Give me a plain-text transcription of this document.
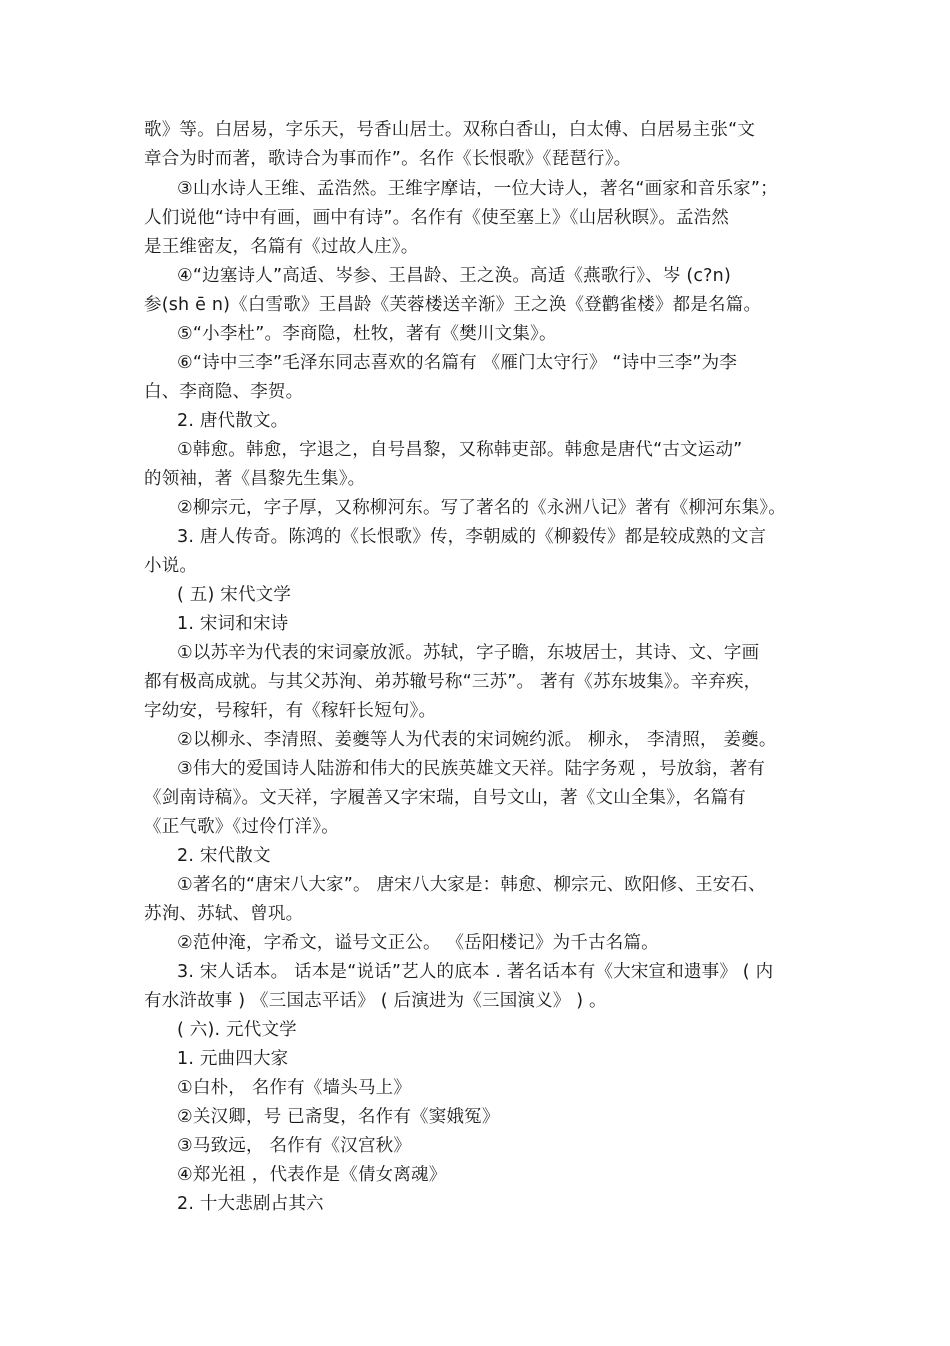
歌》等。白居易，字乐天，号香山居士。双称白香山，白太傅、白居易主张“文
章合为时而著，歌诗合为事而作”。名作《长恨歌》《琵琶行》。
③山水诗人王维、孟浩然。王维字摩诘，一位大诗人，著名“画家和音乐家”；
人们说他“诗中有画，画中有诗”。名作有《使至塞上》《山居秋暝》。孟浩然
是王维密友，名篇有《过故人庄》。
④“边塞诗人”高适、岑参、王昌龄、王之涣。高适《燕歌行》、岑 (c?n)
参(sh ē n)《白雪歌》王昌龄《芙蓉楼送辛渐》王之涣《登鹳雀楼》都是名篇。
⑤“小李杜”。李商隐，杜牧，著有《樊川文集》。
⑥“诗中三李”毛泽东同志喜欢的名篇有 《雁门太守行》 “诗中三李”为李
白、李商隐、李贺。
2. 唐代散文。
①韩愈。韩愈，字退之，自号昌黎，又称韩吏部。韩愈是唐代“古文运动”
的领袖，著《昌黎先生集》。
②柳宗元，字子厚，又称柳河东。写了著名的《永洲八记》著有《柳河东集》。
3. 唐人传奇。陈鸿的《长恨歌》传，李朝威的《柳毅传》都是较成熟的文言
小说。
( 五) 宋代文学
1. 宋词和宋诗
①以苏辛为代表的宋词豪放派。苏轼，字子瞻，东坡居士，其诗、文、字画
都有极高成就。与其父苏洵、弟苏辙号称“三苏”。 著有《苏东坡集》。辛弃疾，
字幼安，号稼轩，有《稼轩长短句》。
②以柳永、李清照、姜夔等人为代表的宋词婉约派。 柳永， 李清照， 姜夔。
③伟大的爱国诗人陆游和伟大的民族英雄文天祥。陆字务观 ，号放翁，著有
《剑南诗稿》。文天祥，字履善又字宋瑞，自号文山，著《文山全集》，名篇有
《正气歌》《过伶仃洋》。
2. 宋代散文
①著名的“唐宋八大家”。 唐宋八大家是：韩愈、柳宗元、欧阳修、王安石、
苏洵、苏轼、曾巩。
②范仲淹，字希文，谥号文正公。 《岳阳楼记》为千古名篇。
3. 宋人话本。 话本是“说话”艺人的底本 . 著名话本有《大宋宣和遗事》 ( 内
有水浒故事 ) 《三国志平话》 ( 后演进为《三国演义》 ) 。
( 六). 元代文学
1. 元曲四大家
①白朴， 名作有《墙头马上》
②关汉卿，号 已斋叟，名作有《窦娥冤》
③马致远， 名作有《汉宫秋》
④郑光祖 ，代表作是《倩女离魂》
2. 十大悲剧占其六
